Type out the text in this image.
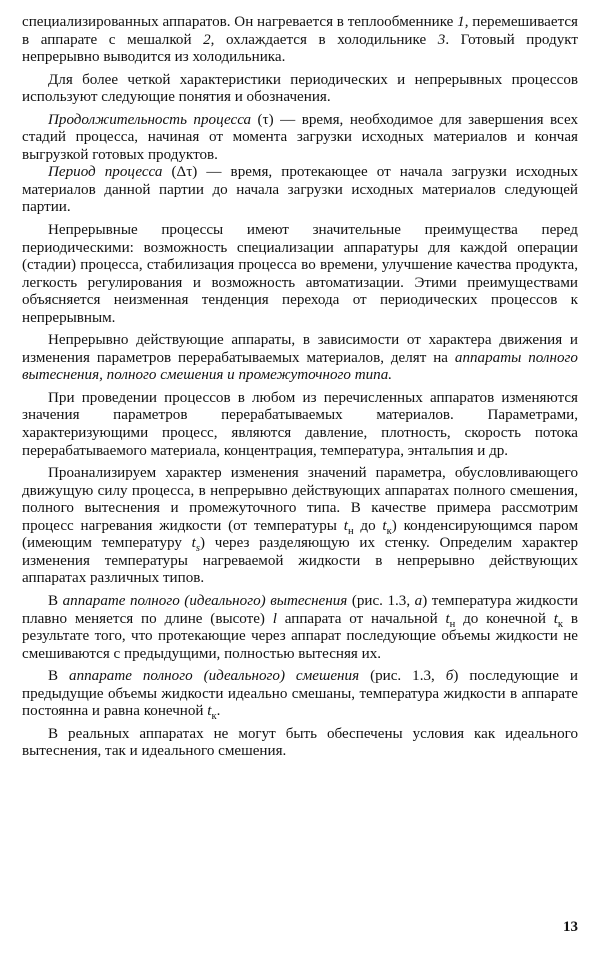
специализированных аппаратов. Он нагревается в теплообменнике 1, перемешивается в аппарате с мешалкой 2, охлаждается в холодильнике 3. Готовый продукт непрерывно выводится из холодильника.

Для более четкой характеристики периодических и непрерывных процессов используют следующие понятия и обозначения.

Продолжительность процесса (τ) — время, необходимое для завершения всех стадий процесса, начиная от момента загрузки исходных материалов и кончая выгрузкой готовых продуктов.

Период процесса (Δτ) — время, протекающее от начала загрузки исходных материалов данной партии до начала загрузки исходных материалов следующей партии.

Непрерывные процессы имеют значительные преимущества перед периодическими: возможность специализации аппаратуры для каждой операции (стадии) процесса, стабилизация процесса во времени, улучшение качества продукта, легкость регулирования и возможность автоматизации. Этими преимуществами объясняется неизменная тенденция перехода от периодических процессов к непрерывным.

Непрерывно действующие аппараты, в зависимости от характера движения и изменения параметров перерабатываемых материалов, делят на аппараты полного вытеснения, полного смешения и промежуточного типа.

При проведении процессов в любом из перечисленных аппаратов изменяются значения параметров перерабатываемых материалов. Параметрами, характеризующими процесс, являются давление, плотность, скорость потока перерабатываемого материала, концентрация, температура, энтальпия и др.

Проанализируем характер изменения значений параметра, обусловливающего движущую силу процесса, в непрерывно действующих аппаратах полного смешения, полного вытеснения и промежуточного типа. В качестве примера рассмотрим процесс нагревания жидкости (от температуры $t_н$ до $t_к$) конденсирующимся паром (имеющим температуру $t_s$) через разделяющую их стенку. Определим характер изменения температуры нагреваемой жидкости в непрерывно действующих аппаратах различных типов.

В аппарате полного (идеального) вытеснения (рис. 1.3, а) температура жидкости плавно меняется по длине (высоте) l аппарата от начальной $t_н$ до конечной $t_к$ в результате того, что протекающие через аппарат последующие объемы жидкости не смешиваются с предыдущими, полностью вытесняя их.

В аппарате полного (идеального) смешения (рис. 1.3, б) последующие и предыдущие объемы жидкости идеально смешаны, температура жидкости в аппарате постоянна и равна конечной $t_к$.

В реальных аппаратах не могут быть обеспечены условия как идеального вытеснения, так и идеального смешения.

13
